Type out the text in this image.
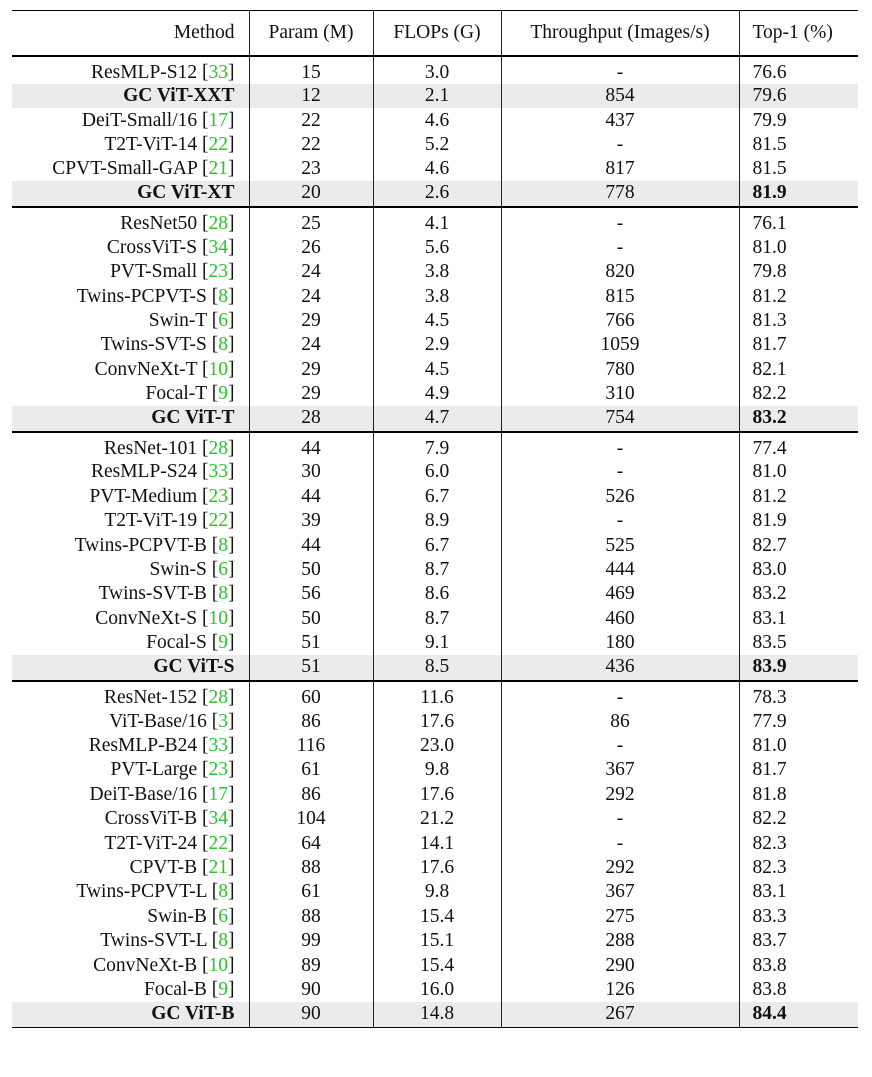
Method	Param (M)	FLOPs (G)	Throughput (Images/s)	Top-1 (%)
ResMLP-S12 [33]	15	3.0	-	76.6
GC ViT-XXT	12	2.1	854	79.6
DeiT-Small/16 [17]	22	4.6	437	79.9
T2T-ViT-14 [22]	22	5.2	-	81.5
CPVT-Small-GAP [21]	23	4.6	817	81.5
GC ViT-XT	20	2.6	778	81.9
ResNet50 [28]	25	4.1	-	76.1
CrossViT-S [34]	26	5.6	-	81.0
PVT-Small [23]	24	3.8	820	79.8
Twins-PCPVT-S [8]	24	3.8	815	81.2
Swin-T [6]	29	4.5	766	81.3
Twins-SVT-S [8]	24	2.9	1059	81.7
ConvNeXt-T [10]	29	4.5	780	82.1
Focal-T [9]	29	4.9	310	82.2
GC ViT-T	28	4.7	754	83.2
ResNet-101 [28]	44	7.9	-	77.4
ResMLP-S24 [33]	30	6.0	-	81.0
PVT-Medium [23]	44	6.7	526	81.2
T2T-ViT-19 [22]	39	8.9	-	81.9
Twins-PCPVT-B [8]	44	6.7	525	82.7
Swin-S [6]	50	8.7	444	83.0
Twins-SVT-B [8]	56	8.6	469	83.2
ConvNeXt-S [10]	50	8.7	460	83.1
Focal-S [9]	51	9.1	180	83.5
GC ViT-S	51	8.5	436	83.9
ResNet-152 [28]	60	11.6	-	78.3
ViT-Base/16 [3]	86	17.6	86	77.9
ResMLP-B24 [33]	116	23.0	-	81.0
PVT-Large [23]	61	9.8	367	81.7
DeiT-Base/16 [17]	86	17.6	292	81.8
CrossViT-B [34]	104	21.2	-	82.2
T2T-ViT-24 [22]	64	14.1	-	82.3
CPVT-B [21]	88	17.6	292	82.3
Twins-PCPVT-L [8]	61	9.8	367	83.1
Swin-B [6]	88	15.4	275	83.3
Twins-SVT-L [8]	99	15.1	288	83.7
ConvNeXt-B [10]	89	15.4	290	83.8
Focal-B [9]	90	16.0	126	83.8
GC ViT-B	90	14.8	267	84.4
